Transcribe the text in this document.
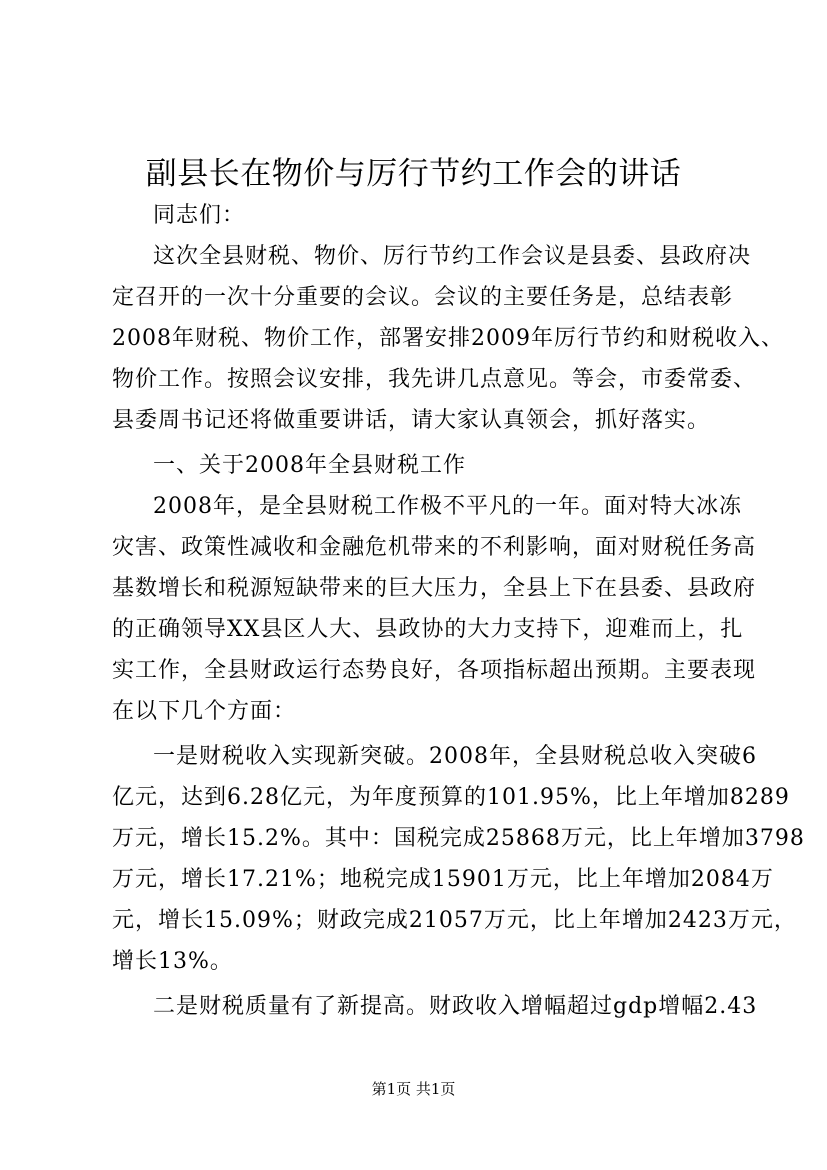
副县长在物价与厉行节约工作会的讲话
同志们：
这次全县财税、物价、厉行节约工作会议是县委、县政府决
定召开的一次十分重要的会议。会议的主要任务是，总结表彰
2008年财税、物价工作，部署安排2009年厉行节约和财税收入、
物价工作。按照会议安排，我先讲几点意见。等会，市委常委、
县委周书记还将做重要讲话，请大家认真领会，抓好落实。
一、关于2008年全县财税工作
2008年，是全县财税工作极不平凡的一年。面对特大冰冻
灾害、政策性减收和金融危机带来的不利影响，面对财税任务高
基数增长和税源短缺带来的巨大压力，全县上下在县委、县政府
的正确领导XX县区人大、县政协的大力支持下，迎难而上，扎
实工作，全县财政运行态势良好，各项指标超出预期。主要表现
在以下几个方面：
一是财税收入实现新突破。2008年，全县财税总收入突破6
亿元，达到6.28亿元，为年度预算的101.95%，比上年增加8289
万元，增长15.2%。其中：国税完成25868万元，比上年增加3798
万元，增长17.21%；地税完成15901万元，比上年增加2084万
元，增长15.09%；财政完成21057万元，比上年增加2423万元，
增长13%。
二是财税质量有了新提高。财政收入增幅超过gdp增幅2.43
第1页 共1页
